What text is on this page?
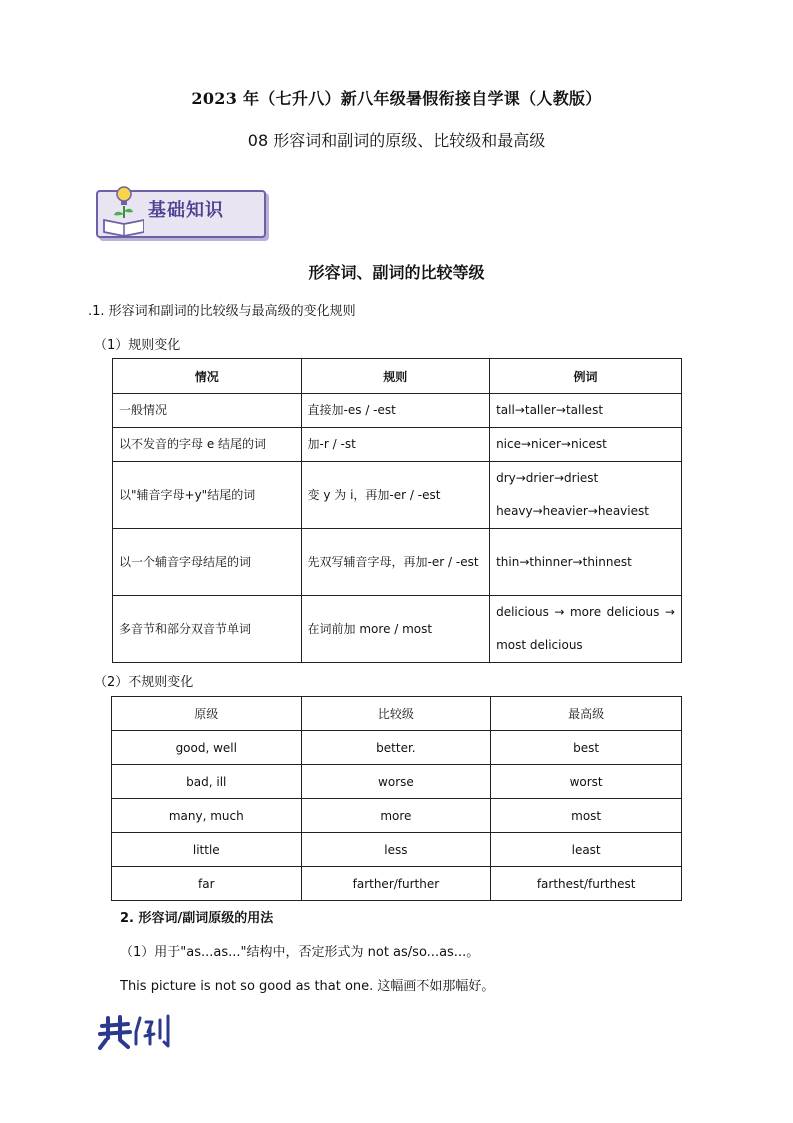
2023 年（七升八）新八年级暑假衔接自学课（人教版）
08 形容词和副词的原级、比较级和最高级
基础知识
形容词、副词的比较等级
.1. 形容词和副词的比较级与最高级的变化规则
（1）规则变化
情况	规则	例词
一般情况	直接加-es / -est	tall→taller→tallest
以不发音的字母 e 结尾的词	加-r / -st	nice→nicer→nicest
以"辅音字母+y"结尾的词	变 y 为 i，再加-er / -est	dry→drier→driest
heavy→heavier→heaviest

以一个辅音字母结尾的词	先双写辅音字母，再加-er / -est	thin→thinner→thinnest
多音节和部分双音节单词	在词前加 more / most	delicious → more delicious → most delicious
（2）不规则变化
原级	比较级	最高级
good, well	better.	best
bad, ill	worse	worst
many, much	more	most
little	less	least
far	farther/further	farthest/furthest
2. 形容词/副词原级的用法
（1）用于"as...as..."结构中，否定形式为 not as/so...as...。
This picture is not so good as that one. 这幅画不如那幅好。
